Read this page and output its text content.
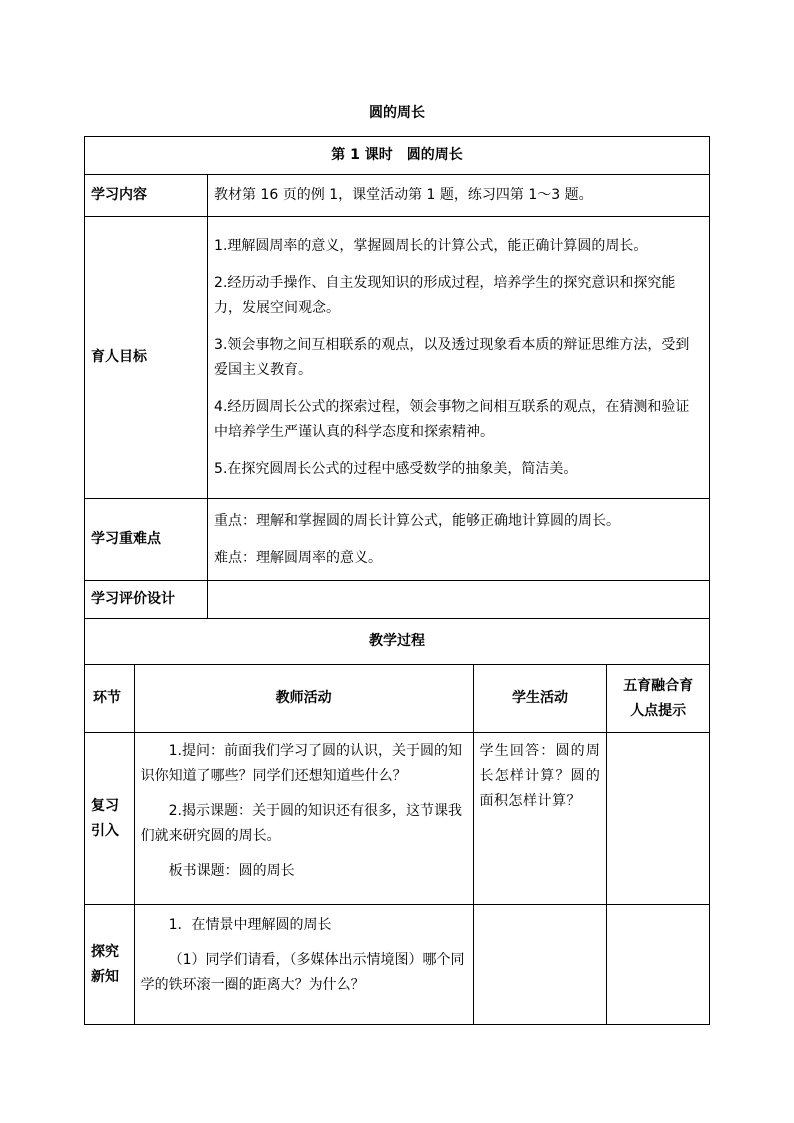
圆的周长
第 1 课时　圆的周长				
学习内容		教材第 16 页的例 1，课堂活动第 1 题，练习四第 1～3 题。		
育人目标		1.理解圆周率的意义，掌握圆周长的计算公式，能正确计算圆的周长。

2.经历动手操作、自主发现知识的形成过程，培养学生的探究意识和探究能力，发展空间观念。

3.领会事物之间互相联系的观点，以及透过现象看本质的辩证思维方法，受到爱国主义教育。

4.经历圆周长公式的探索过程，领会事物之间相互联系的观点，在猜测和验证中培养学生严谨认真的科学态度和探索精神。

5.在探究圆周长公式的过程中感受数学的抽象美，简洁美。		

学习重难点		重点：理解和掌握圆的周长计算公式，能够正确地计算圆的周长。
难点：理解圆周率的意义。		

学习评价设计				
教学过程				
环节	教师活动		学生活动	五育融合育人点提示
复习引入	1.提问：前面我们学习了圆的认识，关于圆的知识你知道了哪些？同学们还想知道些什么？

2.揭示课题：关于圆的知识还有很多，这节课我们就来研究圆的周长。

板书课题：圆的周长		学生回答：圆的周长怎样计算？圆的面积怎样计算？	
探究新知	1．在情景中理解圆的周长

（1）同学们请看，（多媒体出示情境图）哪个同学的铁环滚一圈的距离大？为什么？			
